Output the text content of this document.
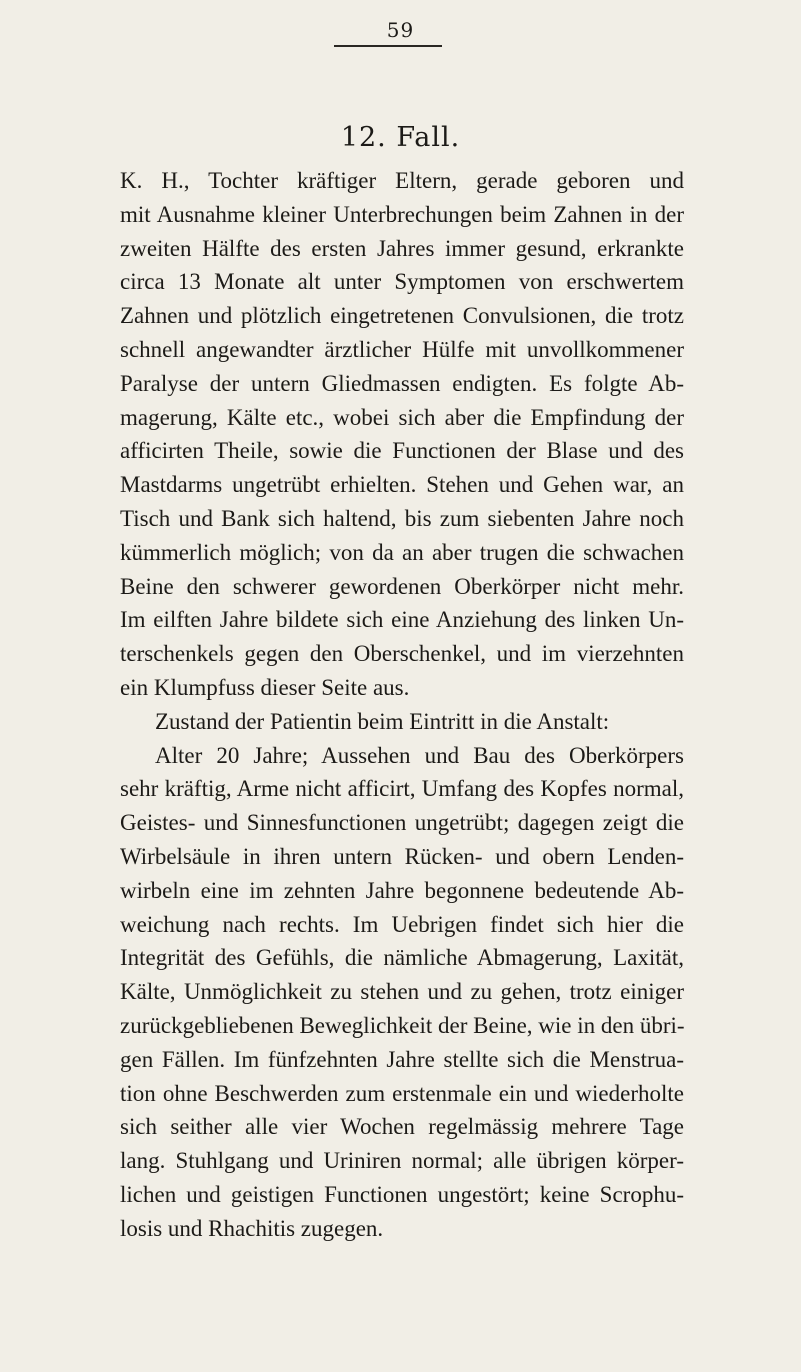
59
12. Fall.
K. H., Tochter kräftiger Eltern, gerade geboren und
mit Ausnahme kleiner Unterbrechungen beim Zahnen in der
zweiten Hälfte des ersten Jahres immer gesund, erkrankte
circa 13 Monate alt unter Symptomen von erschwertem
Zahnen und plötzlich eingetretenen Convulsionen, die trotz
schnell angewandter ärztlicher Hülfe mit unvollkommener
Paralyse der untern Gliedmassen endigten. Es folgte Ab-
magerung, Kälte etc., wobei sich aber die Empfindung der
afficirten Theile, sowie die Functionen der Blase und des
Mastdarms ungetrübt erhielten. Stehen und Gehen war, an
Tisch und Bank sich haltend, bis zum siebenten Jahre noch
kümmerlich möglich; von da an aber trugen die schwachen
Beine den schwerer gewordenen Oberkörper nicht mehr.
Im eilften Jahre bildete sich eine Anziehung des linken Un-
terschenkels gegen den Oberschenkel, und im vierzehnten
ein Klumpfuss dieser Seite aus.
Zustand der Patientin beim Eintritt in die Anstalt:
Alter 20 Jahre; Aussehen und Bau des Oberkörpers
sehr kräftig, Arme nicht afficirt, Umfang des Kopfes normal,
Geistes- und Sinnesfunctionen ungetrübt; dagegen zeigt die
Wirbelsäule in ihren untern Rücken- und obern Lenden-
wirbeln eine im zehnten Jahre begonnene bedeutende Ab-
weichung nach rechts. Im Uebrigen findet sich hier die
Integrität des Gefühls, die nämliche Abmagerung, Laxität,
Kälte, Unmöglichkeit zu stehen und zu gehen, trotz einiger
zurückgebliebenen Beweglichkeit der Beine, wie in den übri-
gen Fällen. Im fünfzehnten Jahre stellte sich die Menstrua-
tion ohne Beschwerden zum erstenmale ein und wiederholte
sich seither alle vier Wochen regelmässig mehrere Tage
lang. Stuhlgang und Uriniren normal; alle übrigen körper-
lichen und geistigen Functionen ungestört; keine Scrophu-
losis und Rhachitis zugegen.
